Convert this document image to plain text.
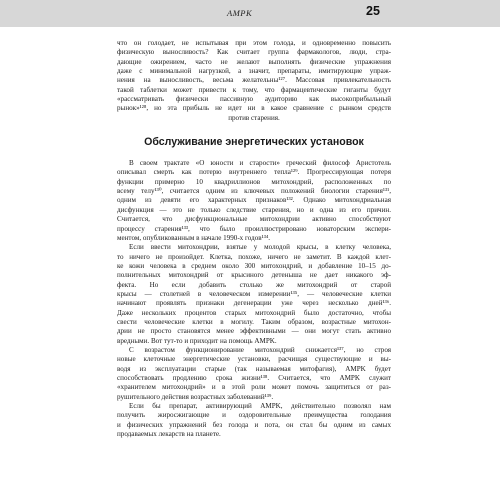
AMPK	25
что он голодает, не испытывая при этом голода, и одновременно повысить
физическую выносливость? Как считает группа фармакологов, люди, стра-
дающие ожирением, часто не желают выполнять физические упражнения
даже с минимальной нагрузкой, а значит, препараты, имитирующие упраж-
нения на выносливость, весьма желательны¹²⁷. Массовая привлекательность
такой таблетки может привести к тому, что фармацевтические гиганты будут
«рассматривать физически пассивную аудиторию как высокоприбыльный
рынок»¹²⁸, но эта прибыль не идет ни в какое сравнение с рынком средств
против старения.
Обслуживание энергетических установок
В своем трактате «О юности и старости» греческий философ Аристотель
описывал смерть как потерю внутреннего тепла¹²⁹. Прогрессирующая потеря
функции примерно 10 квадриллионов митохондрий, расположенных по
всему телу¹³⁰, считается одним из ключевых положений биологии старения¹³¹,
одним из девяти его характерных признаков¹³². Однако митохондриальная
дисфункция — это не только следствие старения, но и одна из его причин.
Считается, что дисфункциональные митохондрии активно способствуют
процессу старения¹³³, что было проиллюстрировано новаторским экспери-
ментом, опубликованным в начале 1990-х годов¹³⁴.
Если ввести митохондрии, взятые у молодой крысы, в клетку человека,
то ничего не произойдет. Клетка, похоже, ничего не заметит. В каждой клет-
ке кожи человека в среднем около 300 митохондрий, и добавление 10–15 до-
полнительных митохондрий от крысиного детеныша не дает никакого эф-
фекта. Но если добавить столько же митохондрий от старой
крысы — столетней в человеческом измерении¹³⁵, — человеческие клетки
начинают проявлять признаки дегенерации уже через несколько дней¹³⁶.
Даже нескольких процентов старых митохондрий было достаточно, чтобы
свести человеческие клетки в могилу. Таким образом, возрастные митохон-
дрии не просто становятся менее эффективными — они могут стать активно
вредными. Вот тут-то и приходит на помощь AMPK.
С возрастом функционирование митохондрий снижается¹³⁷, но строя
новые клеточные энергетические установки, расчищая существующие и вы-
водя из эксплуатации старые (так называемая митофагия), AMPK будет
способствовать продлению срока жизни¹³⁸. Считается, что AMPK служит
«хранителем митохондрий» и в этой роли может помочь защититься от раз-
рушительного действия возрастных заболеваний¹³⁹.
Если бы препарат, активирующий AMPK, действительно позволял нам
получить жиросжигающие и оздоровительные преимущества голодания
и физических упражнений без голода и пота, он стал бы одним из самых
продаваемых лекарств на планете.
